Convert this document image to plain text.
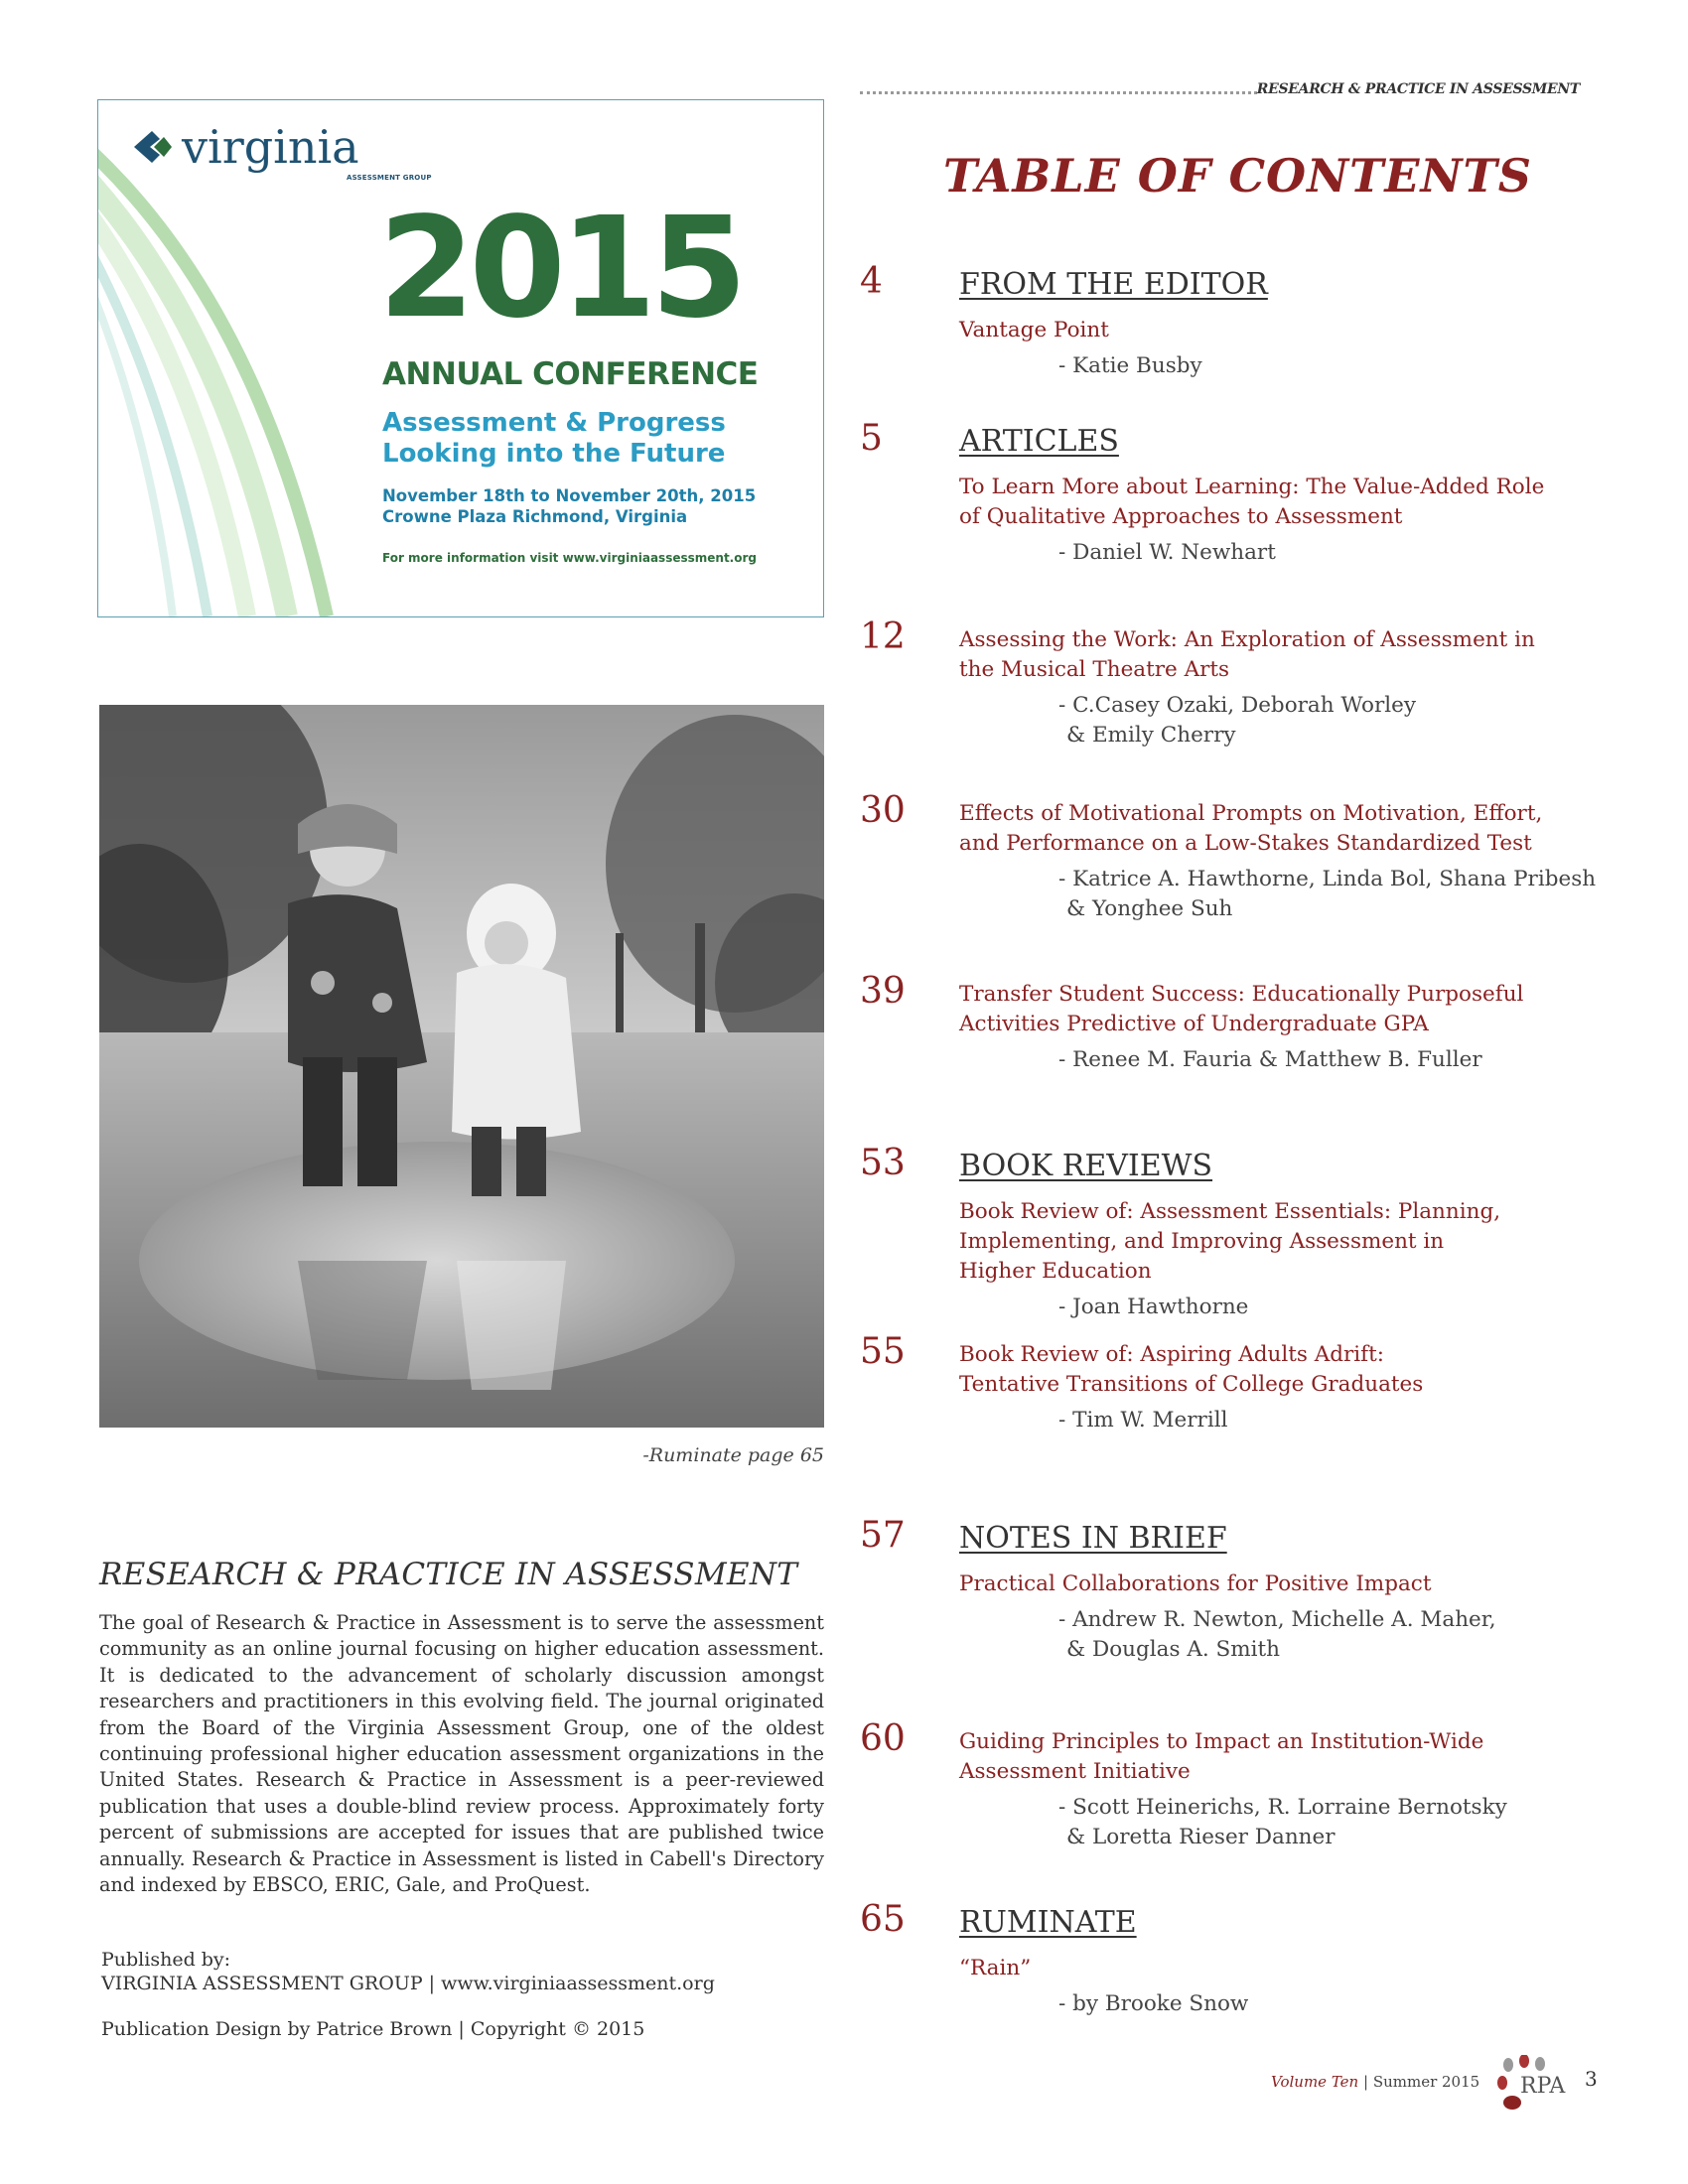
RESEARCH & PRACTICE IN ASSESSMENT
virginia
ASSESSMENT GROUP
2015
ANNUAL CONFERENCE
Assessment & Progress
Looking into the Future
November 18th to November 20th, 2015
Crowne Plaza Richmond, Virginia
For more information visit www.virginiaassessment.org
-Ruminate page 65
RESEARCH & PRACTICE IN ASSESSMENT
The goal of Research & Practice in Assessment is to serve the assessment community as an online journal focusing on higher education assessment. It is dedicated to the advancement of scholarly discussion amongst researchers and practitioners in this evolving field. The journal originated from the Board of the Virginia Assessment Group, one of the oldest continuing professional higher education assessment organizations in the United States. Research & Practice in Assessment is a peer-reviewed publication that uses a double-blind review process. Approximately forty percent of submissions are accepted for issues that are published twice annually. Research & Practice in Assessment is listed in Cabell's Directory and indexed by EBSCO, ERIC, Gale, and ProQuest.
Published by:
VIRGINIA ASSESSMENT GROUP | www.virginiaassessment.org
Publication Design by Patrice Brown | Copyright © 2015
TABLE OF CONTENTS
4	FROM THE EDITOR
Vantage Point
- Katie Busby
5	ARTICLES
To Learn More about Learning: The Value-Added Role
of Qualitative Approaches to Assessment
- Daniel W. Newhart
12	Assessing the Work: An Exploration of Assessment in
the Musical Theatre Arts
- C.Casey Ozaki, Deborah Worley
& Emily Cherry
30	Effects of Motivational Prompts on Motivation, Effort,
and Performance on a Low-Stakes Standardized Test
- Katrice A. Hawthorne, Linda Bol, Shana Pribesh
& Yonghee Suh
39	Transfer Student Success: Educationally Purposeful
Activities Predictive of Undergraduate GPA
- Renee M. Fauria & Matthew B. Fuller
53 BOOK REVIEWS
Book Review of: Assessment Essentials: Planning,
Implementing, and Improving Assessment in
Higher Education
- Joan Hawthorne
55	Book Review of: Aspiring Adults Adrift:
Tentative Transitions of College Graduates
- Tim W. Merrill
57 NOTES IN BRIEF
Practical Collaborations for Positive Impact
- Andrew R. Newton, Michelle A. Maher,
& Douglas A. Smith
60	Guiding Principles to Impact an Institution-Wide
Assessment Initiative
- Scott Heinerichs, R. Lorraine Bernotsky
& Loretta Rieser Danner
65 RUMINATE
“Rain”
- by Brooke Snow
Volume Ten | Summer 2015 RPA 3
